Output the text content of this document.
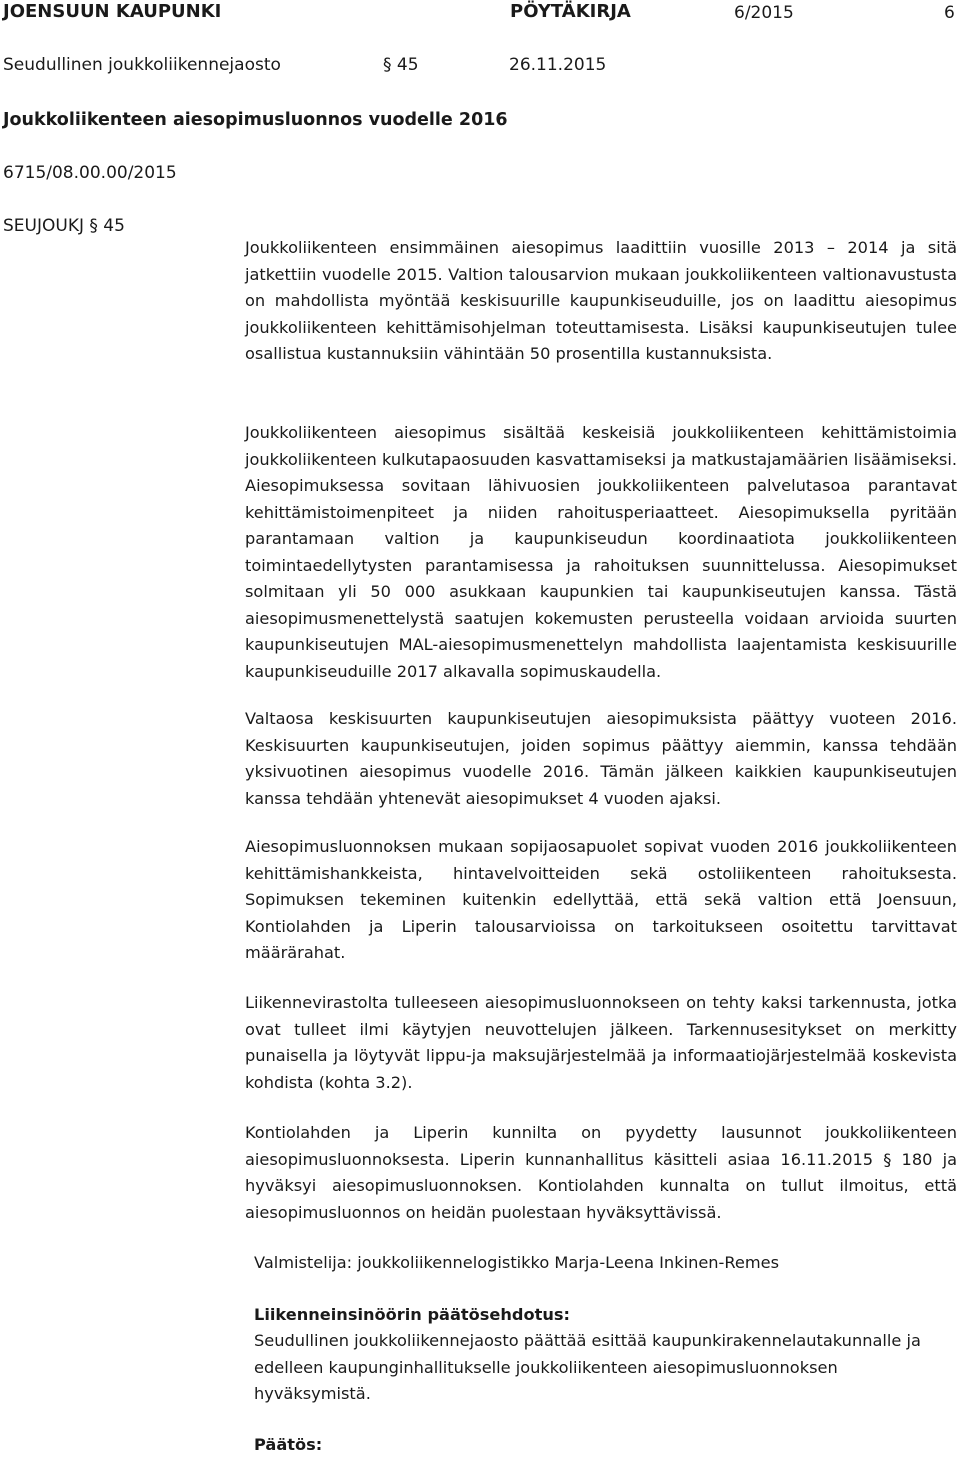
JOENSUUN KAUPUNKI	PÖYTÄKIRJA	6/2015	6
Seudullinen joukkoliikennejaosto	§ 45	26.11.2015
Joukkoliikenteen aiesopimusluonnos vuodelle 2016
6715/08.00.00/2015
SEUJOUKJ § 45
Joukkoliikenteen ensimmäinen aiesopimus laadittiin vuosille 2013 – 2014 ja sitä jatkettiin vuodelle 2015. Valtion talousarvion mukaan joukkoliikenteen valtionavustusta on mahdollista myöntää keskisuurille kaupunkiseuduille, jos on laadittu aiesopimus joukkoliikenteen kehittämisohjelman toteuttamisesta. Lisäksi kaupunkiseutujen tulee osallistua kustannuksiin vähintään 50 prosentilla kustannuksista.
Joukkoliikenteen aiesopimus sisältää keskeisiä joukkoliikenteen kehittämistoimia joukkoliikenteen kulkutapaosuuden kasvattamiseksi ja matkustajamäärien lisäämiseksi. Aiesopimuksessa sovitaan lähivuosien joukkoliikenteen palvelutasoa parantavat kehittämistoimenpiteet ja niiden rahoitusperiaatteet. Aiesopimuksella pyritään parantamaan valtion ja kaupunkiseudun koordinaatiota joukkoliikenteen toimintaedellytysten parantamisessa ja rahoituksen suunnittelussa. Aiesopimukset solmitaan yli 50 000 asukkaan kaupunkien tai kaupunkiseutujen kanssa. Tästä aiesopimusmenettelystä saatujen kokemusten perusteella voidaan arvioida suurten kaupunkiseutujen MAL-aiesopimusmenettelyn mahdollista laajentamista keskisuurille kaupunkiseuduille 2017 alkavalla sopimuskaudella.
Valtaosa keskisuurten kaupunkiseutujen aiesopimuksista päättyy vuoteen 2016. Keskisuurten kaupunkiseutujen, joiden sopimus päättyy aiemmin, kanssa tehdään yksivuotinen aiesopimus vuodelle 2016. Tämän jälkeen kaikkien kaupunkiseutujen kanssa tehdään yhtenevät aiesopimukset 4 vuoden ajaksi.
Aiesopimusluonnoksen mukaan sopijaosapuolet sopivat vuoden 2016 joukkoliikenteen kehittämishankkeista, hintavelvoitteiden sekä ostoliikenteen rahoituksesta. Sopimuksen tekeminen kuitenkin edellyttää, että sekä valtion että Joensuun, Kontiolahden ja Liperin talousarvioissa on tarkoitukseen osoitettu tarvittavat määrärahat.
Liikennevirastolta tulleeseen aiesopimusluonnokseen on tehty kaksi tarkennusta, jotka ovat tulleet ilmi käytyjen neuvottelujen jälkeen. Tarkennusesitykset on merkitty punaisella ja löytyvät lippu-ja maksujärjestelmää ja informaatiojärjestelmää koskevista kohdista (kohta 3.2).
Kontiolahden ja Liperin kunnilta on pyydetty lausunnot joukkoliikenteen aiesopimusluonnoksesta. Liperin kunnanhallitus käsitteli asiaa 16.11.2015 § 180 ja hyväksyi aiesopimusluonnoksen. Kontiolahden kunnalta on tullut ilmoitus, että aiesopimusluonnos on heidän puolestaan hyväksyttävissä.
Valmistelija: joukkoliikennelogistikko Marja-Leena Inkinen-Remes
Liikenneinsinöörin päätösehdotus:
Seudullinen joukkoliikennejaosto päättää esittää kaupunkirakennelautakunnalle ja edelleen kaupunginhallitukselle joukkoliikenteen aiesopimusluonnoksen hyväksymistä.
Päätös:
